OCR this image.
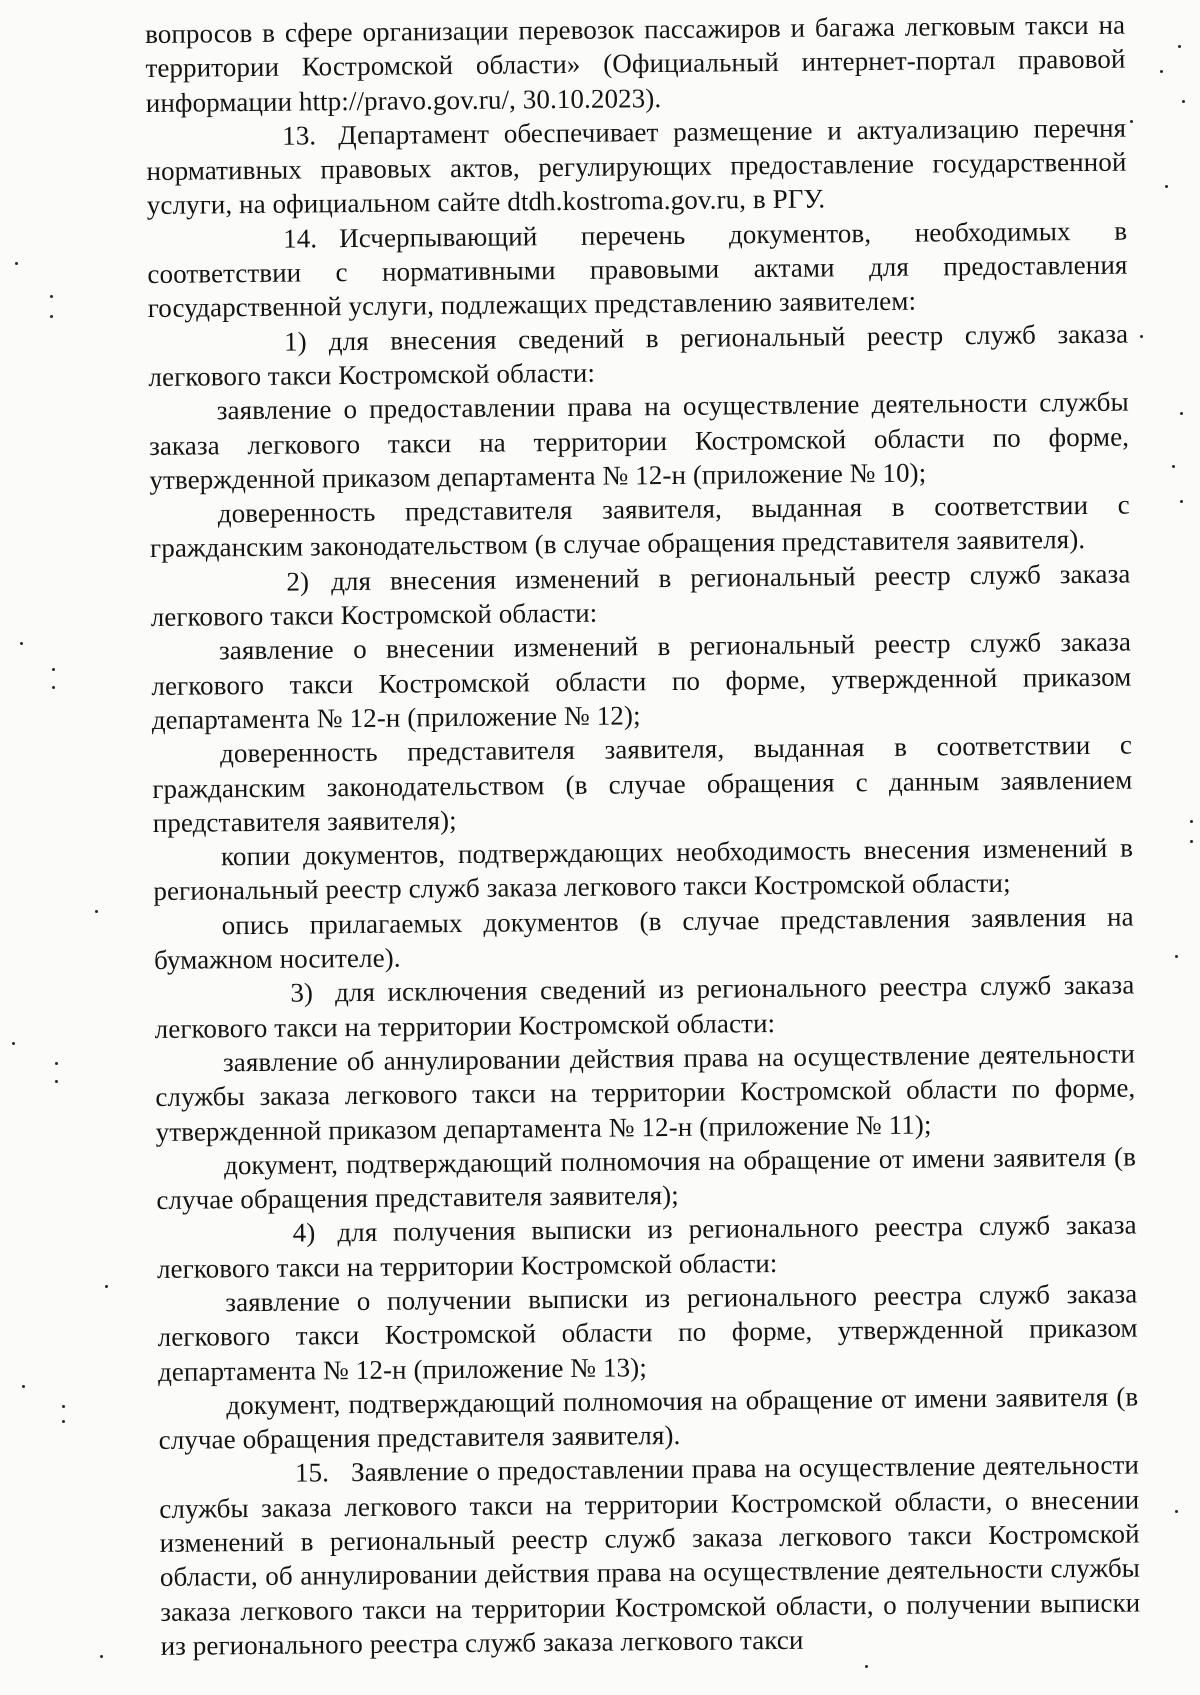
вопросов в сфере организации перевозок пассажиров и багажа легковым такси на территории Костромской области» (Официальный интернет-портал правовой информации http://pravo.gov.ru/, 30.10.2023).

13. Департамент обеспечивает размещение и актуализацию перечня нормативных правовых актов, регулирующих предоставление государственной услуги, на официальном сайте dtdh.kostroma.gov.ru, в РГУ.

14. Исчерпывающий перечень документов, необходимых в соответствии с нормативными правовыми актами для предоставления государственной услуги, подлежащих представлению заявителем:

1) для внесения сведений в региональный реестр служб заказа легкового такси Костромской области:

заявление о предоставлении права на осуществление деятельности службы заказа легкового такси на территории Костромской области по форме, утвержденной приказом департамента № 12-н (приложение № 10);

доверенность представителя заявителя, выданная в соответствии с гражданским законодательством (в случае обращения представителя заявителя).

2) для внесения изменений в региональный реестр служб заказа легкового такси Костромской области:

заявление о внесении изменений в региональный реестр служб заказа легкового такси Костромской области по форме, утвержденной приказом департамента № 12-н (приложение № 12);

доверенность представителя заявителя, выданная в соответствии с гражданским законодательством (в случае обращения с данным заявлением представителя заявителя);

копии документов, подтверждающих необходимость внесения изменений в региональный реестр служб заказа легкового такси Костромской области;

опись прилагаемых документов (в случае представления заявления на бумажном носителе).

3) для исключения сведений из регионального реестра служб заказа легкового такси на территории Костромской области:

заявление об аннулировании действия права на осуществление деятельности службы заказа легкового такси на территории Костромской области по форме, утвержденной приказом департамента № 12-н (приложение № 11);

документ, подтверждающий полномочия на обращение от имени заявителя (в случае обращения представителя заявителя);

4) для получения выписки из регионального реестра служб заказа легкового такси на территории Костромской области:

заявление о получении выписки из регионального реестра служб заказа легкового такси Костромской области по форме, утвержденной приказом департамента № 12-н (приложение № 13);

документ, подтверждающий полномочия на обращение от имени заявителя (в случае обращения представителя заявителя).

15. Заявление о предоставлении права на осуществление деятельности службы заказа легкового такси на территории Костромской области, о внесении изменений в региональный реестр служб заказа легкового такси Костромской области, об аннулировании действия права на осуществление деятельности службы заказа легкового такси на территории Костромской области, о получении выписки из регионального реестра служб заказа легкового такси
